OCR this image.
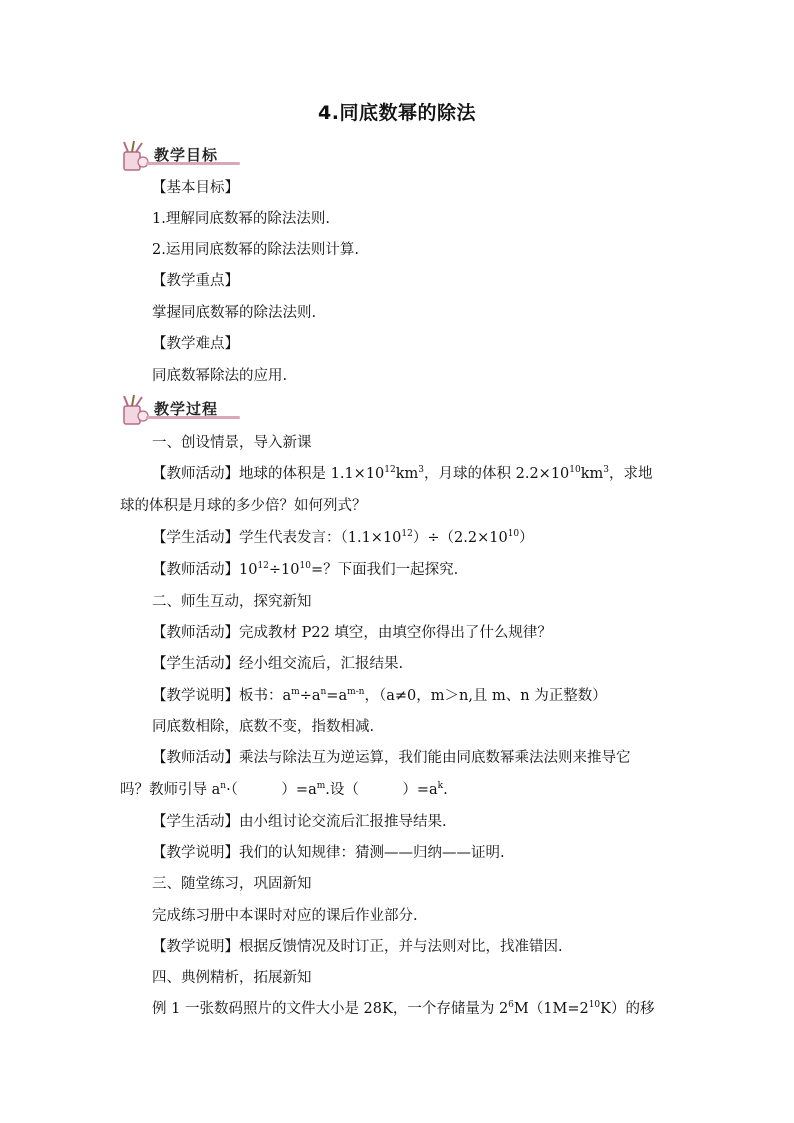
4.同底数幂的除法
教学目标
【基本目标】
1.理解同底数幂的除法法则.
2.运用同底数幂的除法法则计算.
【教学重点】
掌握同底数幂的除法法则.
【教学难点】
同底数幂除法的应用.
教学过程
一、创设情景，导入新课
【教师活动】地球的体积是 $1.1\times 10^{12}km^3$，月球的体积 $2.2\times 10^{10}km^3$，求地
球的体积是月球的多少倍？如何列式？
【学生活动】学生代表发言：$(1.1\times 10^{12})\div(2.2\times 10^{10})$
【教师活动】$10^{12}\div 10^{10}=$？下面我们一起探究.
二、师生互动，探究新知
【教师活动】完成教材 P22 填空，由填空你得出了什么规律？
【学生活动】经小组交流后，汇报结果.
【教学说明】板书：$a^m\div a^n=a^{m-n}$，（a≠0，m＞n,且 m、n 为正整数）
同底数相除，底数不变，指数相减.
【教师活动】乘法与除法互为逆运算，我们能由同底数幂乘法法则来推导它
吗？教师引导 $a^n\cdot$（　　　）$=a^m$.设（　　　）$=a^k$.
【学生活动】由小组讨论交流后汇报推导结果.
【教学说明】我们的认知规律：猜测——归纳——证明.
三、随堂练习，巩固新知
完成练习册中本课时对应的课后作业部分.
【教学说明】根据反馈情况及时订正，并与法则对比，找准错因.
四、典例精析，拓展新知
例 1 一张数码照片的文件大小是 28K，一个存储量为 $2^6M(1M=2^{10}K)$的移
